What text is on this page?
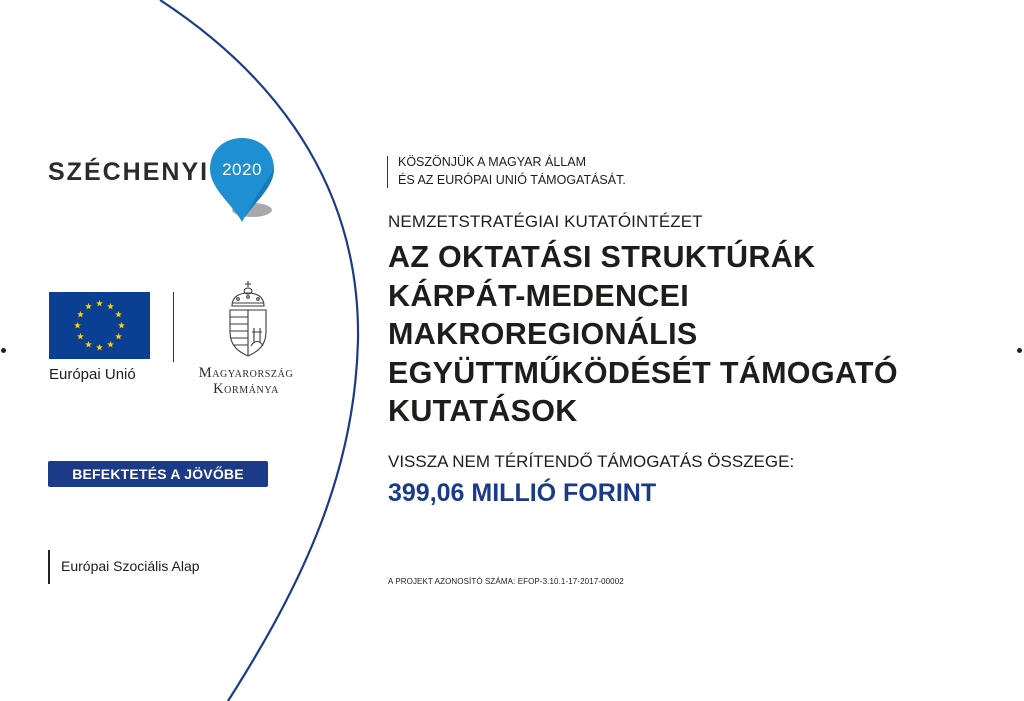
SZÉCHENYI 2020
Európai Unió	Magyarország
Kormánya
BEFEKTETÉS A JÖVŐBE
Európai Szociális Alap
KÖSZÖNJÜK A MAGYAR ÁLLAM
ÉS AZ EURÓPAI UNIÓ TÁMOGATÁSÁT.
NEMZETSTRATÉGIAI KUTATÓINTÉZET
AZ OKTATÁSI STRUKTÚRÁK
KÁRPÁT-MEDENCEI
MAKROREGIONÁLIS
EGYÜTTMŰKÖDÉSÉT TÁMOGATÓ
KUTATÁSOK
VISSZA NEM TÉRÍTENDŐ TÁMOGATÁS ÖSSZEGE:
399,06 MILLIÓ FORINT
A PROJEKT AZONOSÍTÓ SZÁMA: EFOP-3.10.1-17-2017-00002
